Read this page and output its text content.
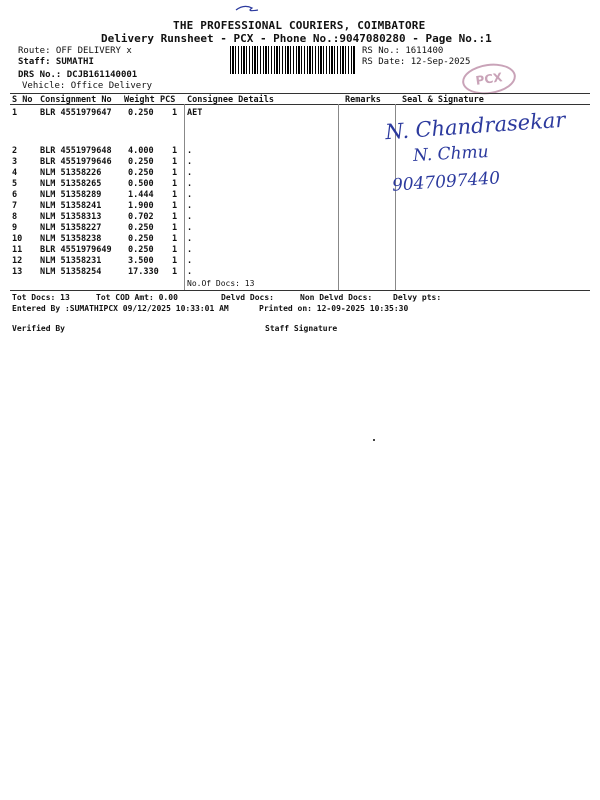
THE PROFESSIONAL COURIERS, COIMBATORE
Delivery Runsheet - PCX - Phone No.:9047080280 - Page No.:1
Route: OFF DELIVERY x
Staff: SUMATHI
DRS No.: DCJB161140001
Vehicle: Office Delivery
RS No.: 1611400
RS Date: 12-Sep-2025
PCX
S No Consignment No Weight PCS Consignee Details	Remarks Seal & Signature
1	BLR 4551979647 0.250 1 AET
2	BLR 4551979648 4.000 1 .
3	BLR 4551979646 0.250 1 .
4	NLM 51358226	0.250 1 .
5	NLM 51358265	0.500 1 .
6	NLM 51358289	1.444 1 .
7	NLM 51358241	1.900 1 .
8	NLM 51358313	0.702 1 .
9	NLM 51358227	0.250 1 .
10 NLM 51358238	0.250 1 .
11 BLR 4551979649 0.250 1 .
12 NLM 51358231	3.500 1 .
13 NLM 51358254	17.330 1 .
No.Of Docs: 13
N. Chandrasekar
N. Chmu
9047097440
Tot Docs: 13	Tot COD Amt: 0.00	Delvd Docs:	Non Delvd Docs:	Delvy pts:
Entered By :SUMATHIPCX 09/12/2025 10:33:01 AM	Printed on: 12-09-2025 10:35:30
Verified By	Staff Signature
